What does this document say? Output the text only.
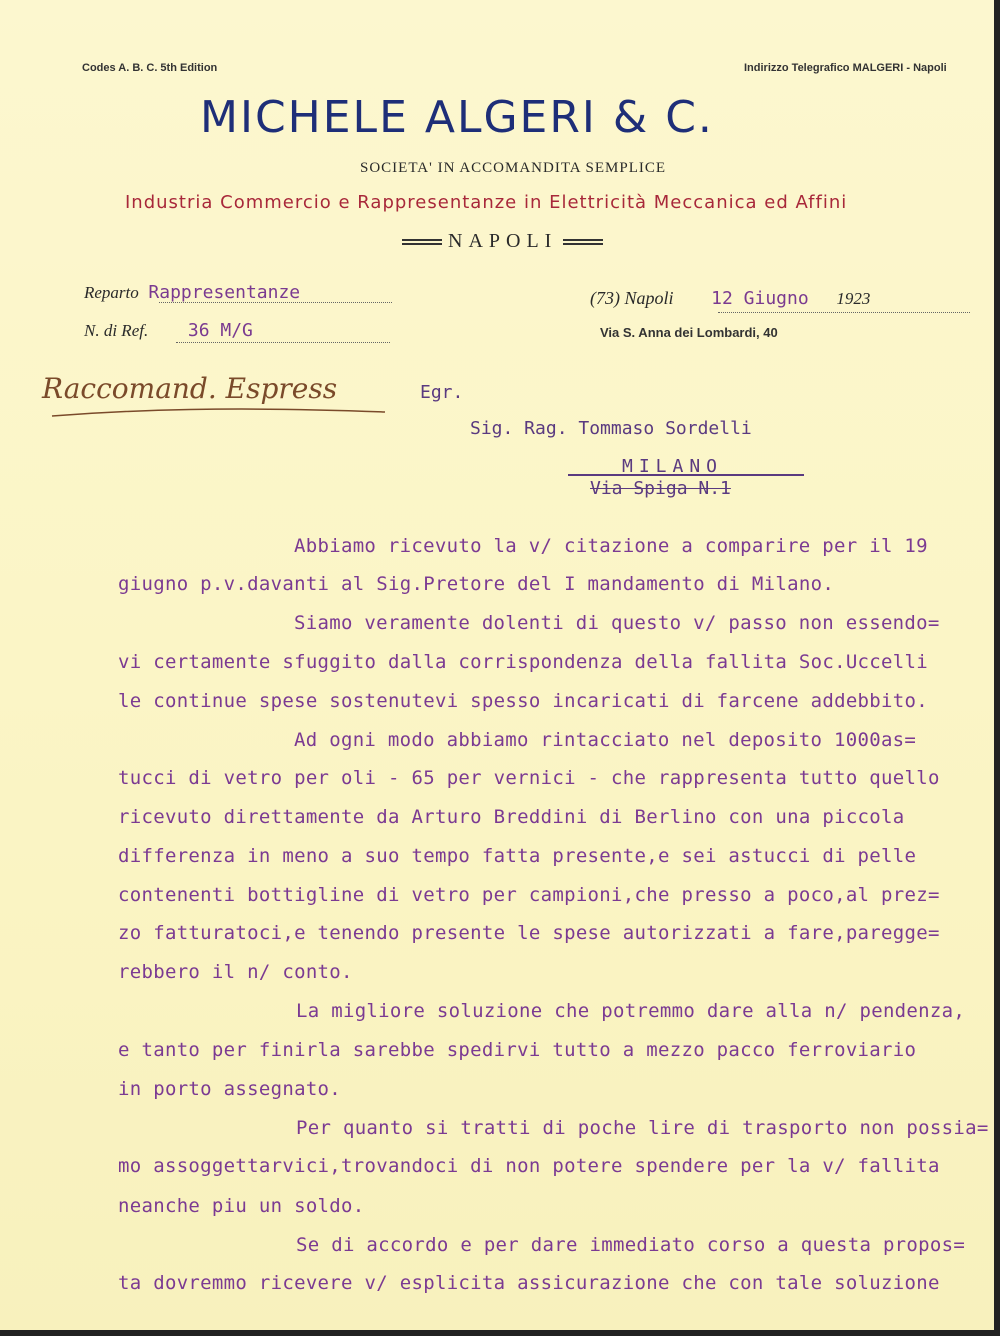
Codes A. B. C. 5th Edition	Indirizzo Telegrafico MALGERI - Napoli
MICHELE ALGERI & C.
SOCIETA' IN ACCOMANDITA SEMPLICE
Industria Commercio e Rappresentanze in Elettricità Meccanica ed Affini
NAPOLI
Reparto Rappresentanze
N. di Ref. 36 M/G
(73) Napoli 12 Giugno 1923
Via S. Anna dei Lombardi, 40
Raccomand. Espress	Egr.
Sig. Rag. Tommaso Sordelli
MILANO
Via Spiga N.1
Abbiamo ricevuto la v/ citazione a comparire per il 19
giugno p.v.davanti al Sig.Pretore del I mandamento di Milano.
Siamo veramente dolenti di questo v/ passo non essendo=
vi certamente sfuggito dalla corrispondenza della fallita Soc.Uccelli
le continue spese sostenutevi spesso incaricati di farcene addebbito.
Ad ogni modo abbiamo rintacciato nel deposito 1000as=
tucci di vetro per oli - 65 per vernici - che rappresenta tutto quello
ricevuto direttamente da Arturo Breddini di Berlino con una piccola
differenza in meno a suo tempo fatta presente,e sei astucci di pelle
contenenti bottigline di vetro per campioni,che presso a poco,al prez=
zo fatturatoci,e tenendo presente le spese autorizzati a fare,paregge=
rebbero il n/ conto.
La migliore soluzione che potremmo dare alla n/ pendenza,
e tanto per finirla sarebbe spedirvi tutto a mezzo pacco ferroviario
in porto assegnato.
Per quanto si tratti di poche lire di trasporto non possia=
mo assoggettarvici,trovandoci di non potere spendere per la v/ fallita
neanche piu un soldo.
Se di accordo e per dare immediato corso a questa propos=
ta dovremmo ricevere v/ esplicita assicurazione che con tale soluzione
